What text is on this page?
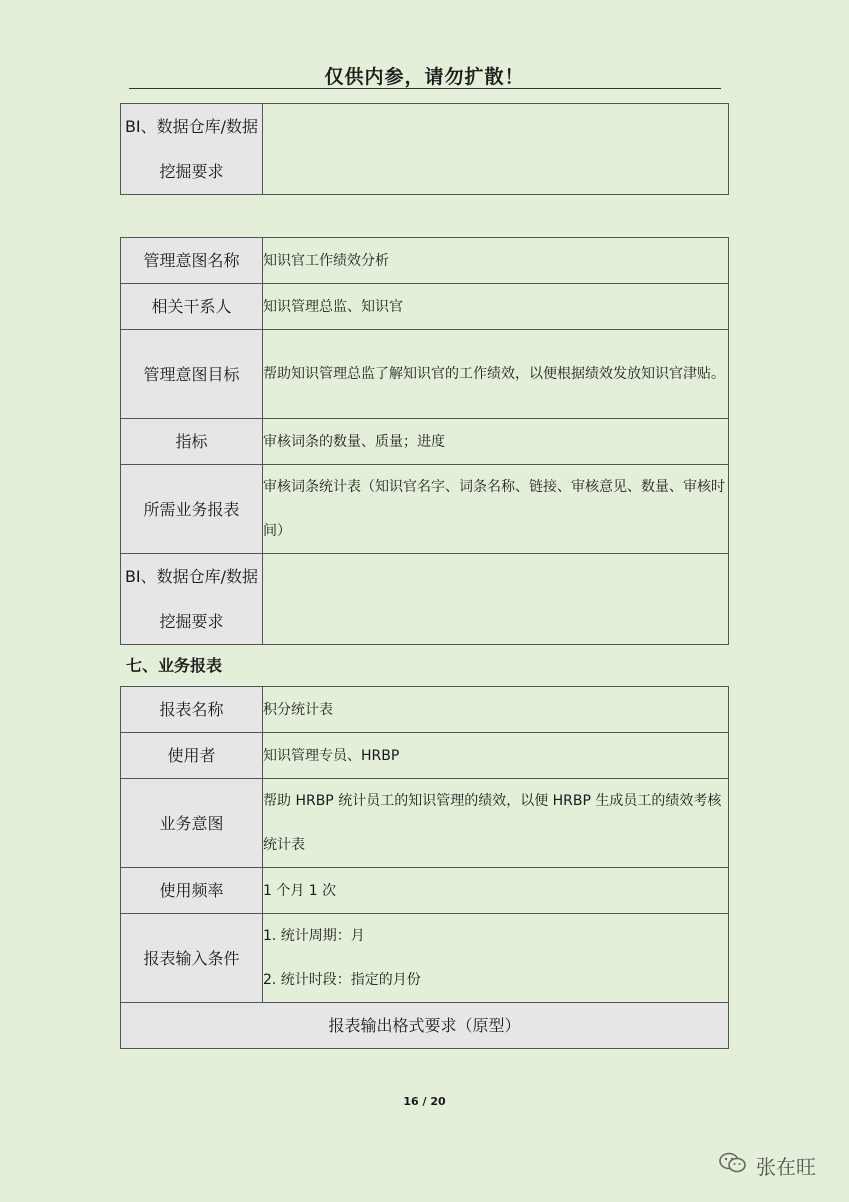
仅供内参，请勿扩散！
BI、数据仓库/数据挖掘要求	
管理意图名称	知识官工作绩效分析
相关干系人	知识管理总监、知识官
管理意图目标	帮助知识管理总监了解知识官的工作绩效，以便根据绩效发放知识官津贴。
指标	审核词条的数量、质量；进度
所需业务报表	审核词条统计表（知识官名字、词条名称、链接、审核意见、数量、审核时间）
BI、数据仓库/数据挖掘要求	
七、业务报表
报表名称	积分统计表
使用者	知识管理专员、HRBP
业务意图	帮助 HRBP 统计员工的知识管理的绩效，以便 HRBP 生成员工的绩效考核统计表
使用频率	1 个月 1 次
报表输入条件	1. 统计周期：月
2. 统计时段：指定的月份

报表输出格式要求（原型）	
16 / 20
张在旺
